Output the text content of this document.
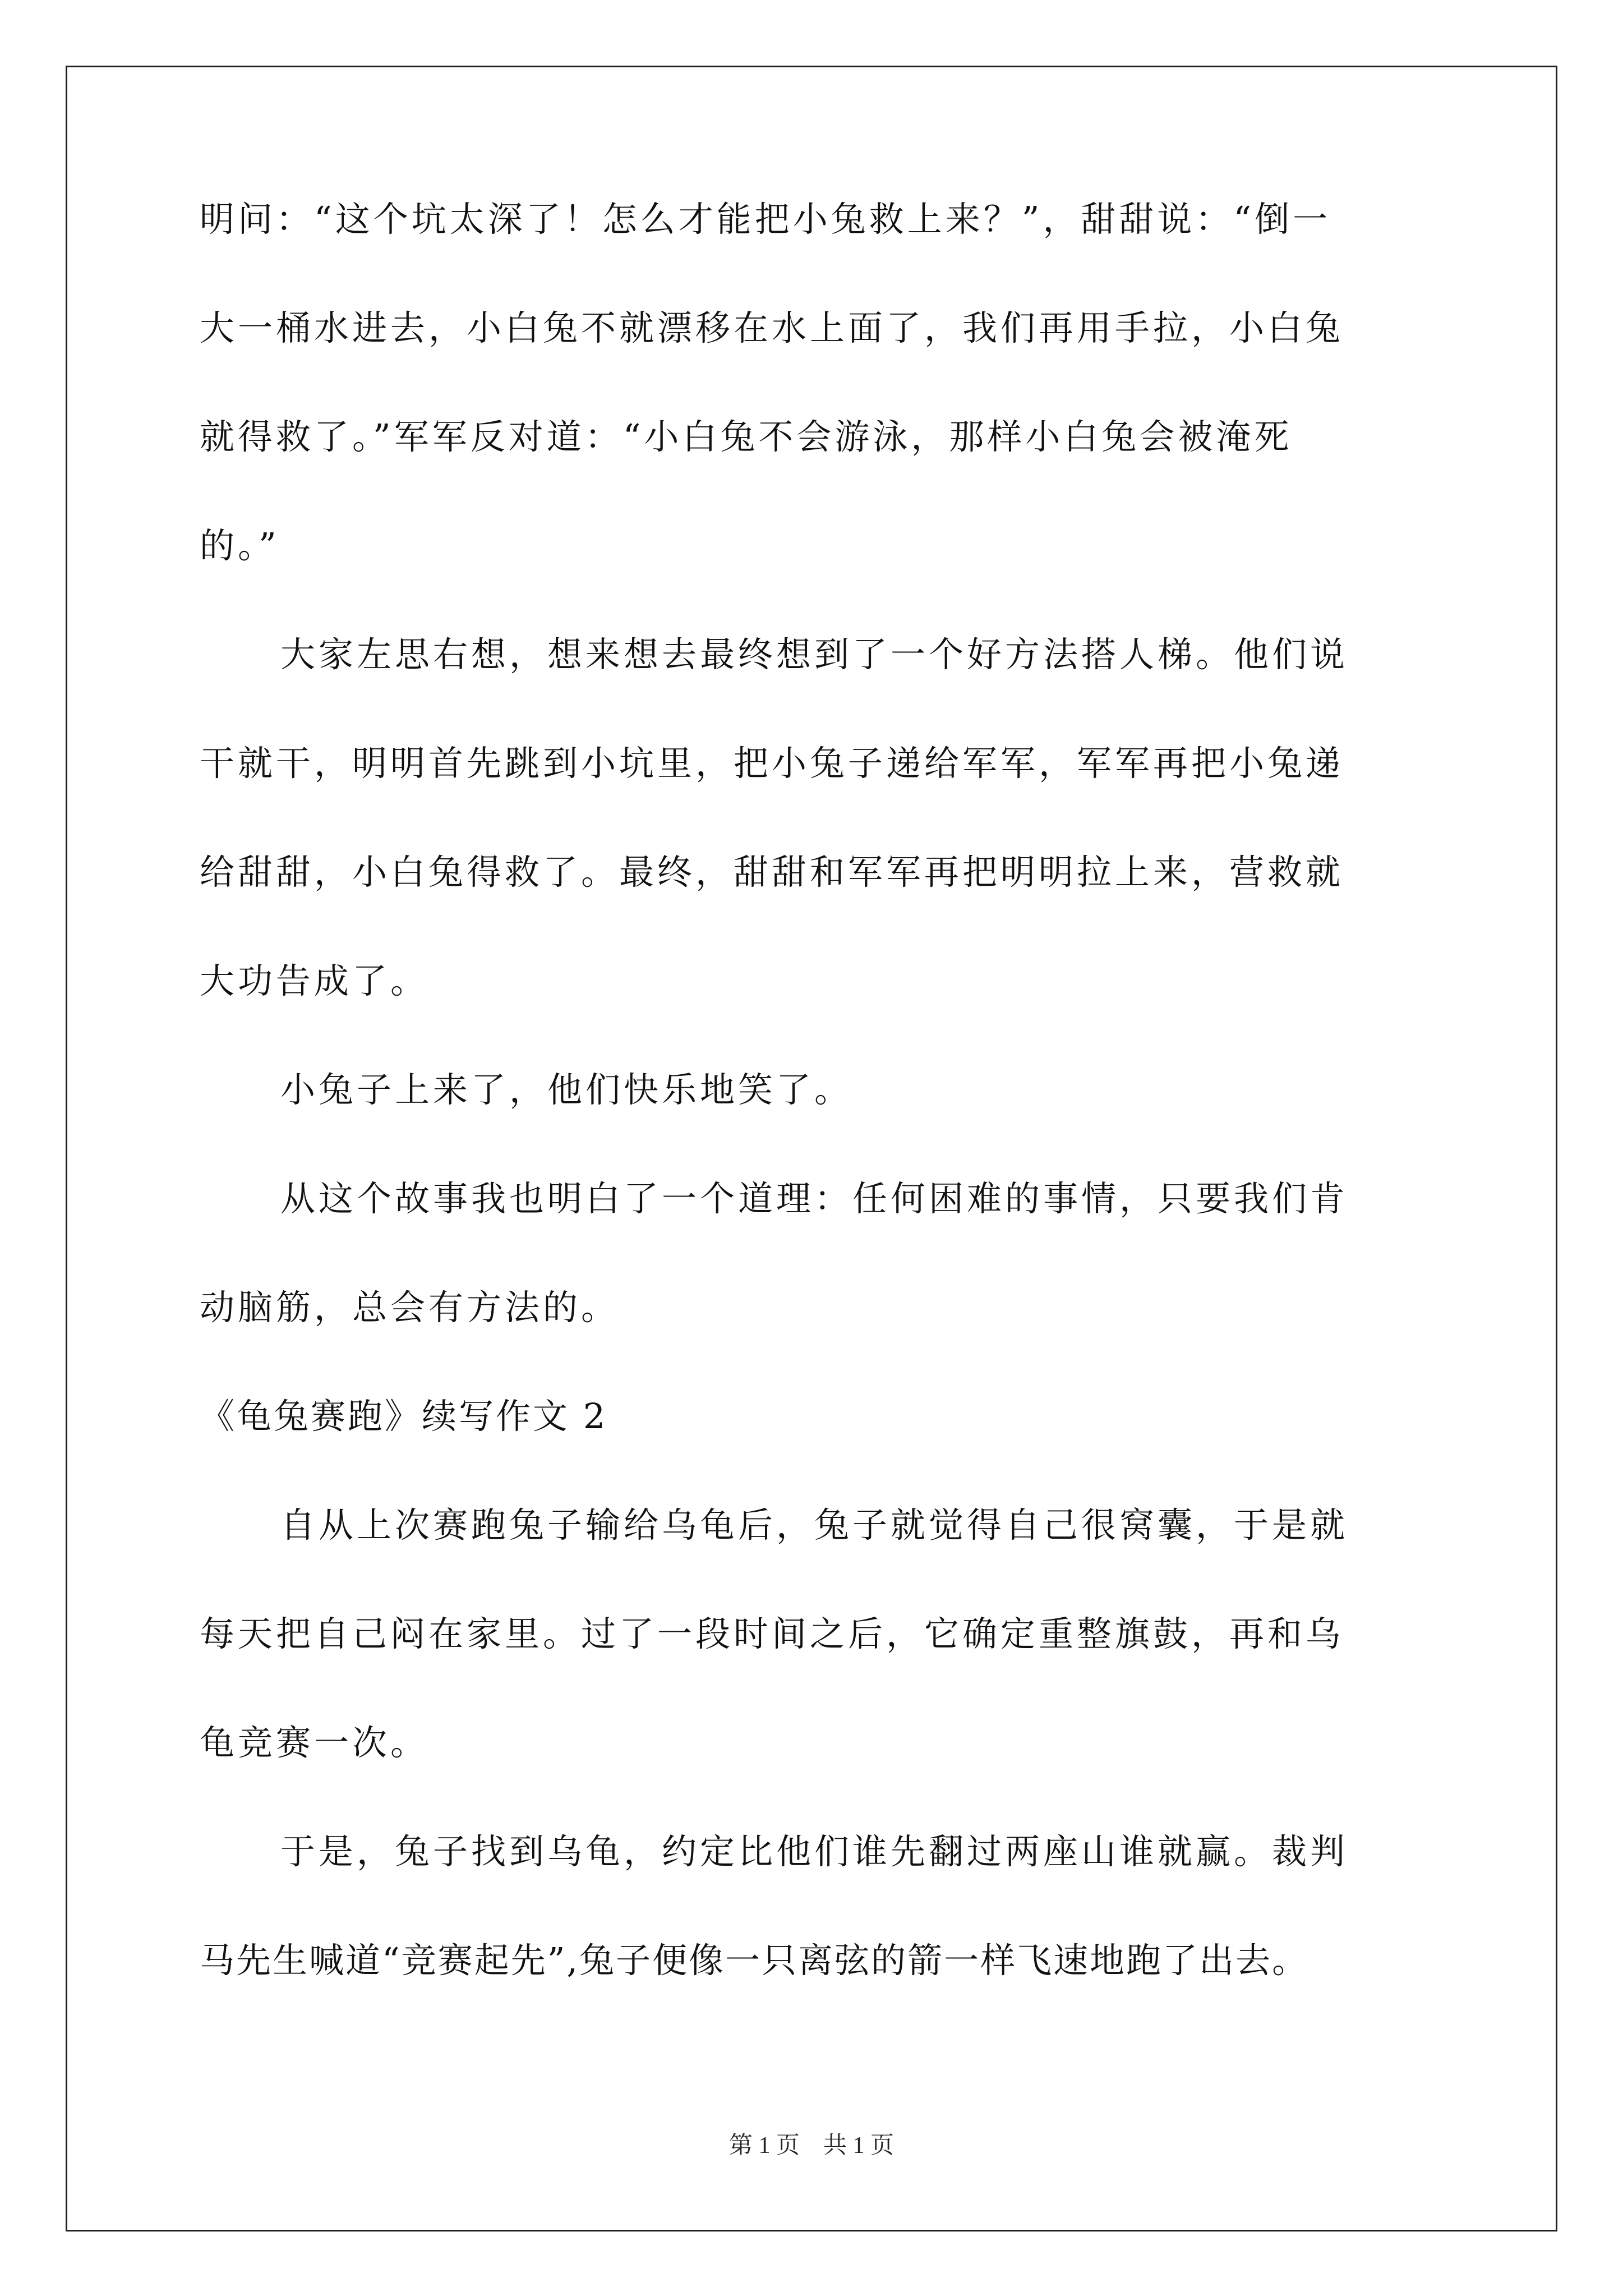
明问：“这个坑太深了！怎么才能把小兔救上来？”，甜甜说：“倒一
大一桶水进去，小白兔不就漂移在水上面了，我们再用手拉，小白兔
就得救了。”军军反对道：“小白兔不会游泳，那样小白兔会被淹死
的。”
大家左思右想，想来想去最终想到了一个好方法搭人梯。他们说
干就干，明明首先跳到小坑里，把小兔子递给军军，军军再把小兔递
给甜甜，小白兔得救了。最终，甜甜和军军再把明明拉上来，营救就
大功告成了。
小兔子上来了，他们快乐地笑了。
从这个故事我也明白了一个道理：任何困难的事情，只要我们肯
动脑筋，总会有方法的。
《龟兔赛跑》续写作文 2
自从上次赛跑兔子输给乌龟后，兔子就觉得自己很窝囊，于是就
每天把自己闷在家里。过了一段时间之后，它确定重整旗鼓，再和乌
龟竞赛一次。
于是，兔子找到乌龟，约定比他们谁先翻过两座山谁就赢。裁判
马先生喊道“竞赛起先”,兔子便像一只离弦的箭一样飞速地跑了出去。
第 1 页　共 1 页
